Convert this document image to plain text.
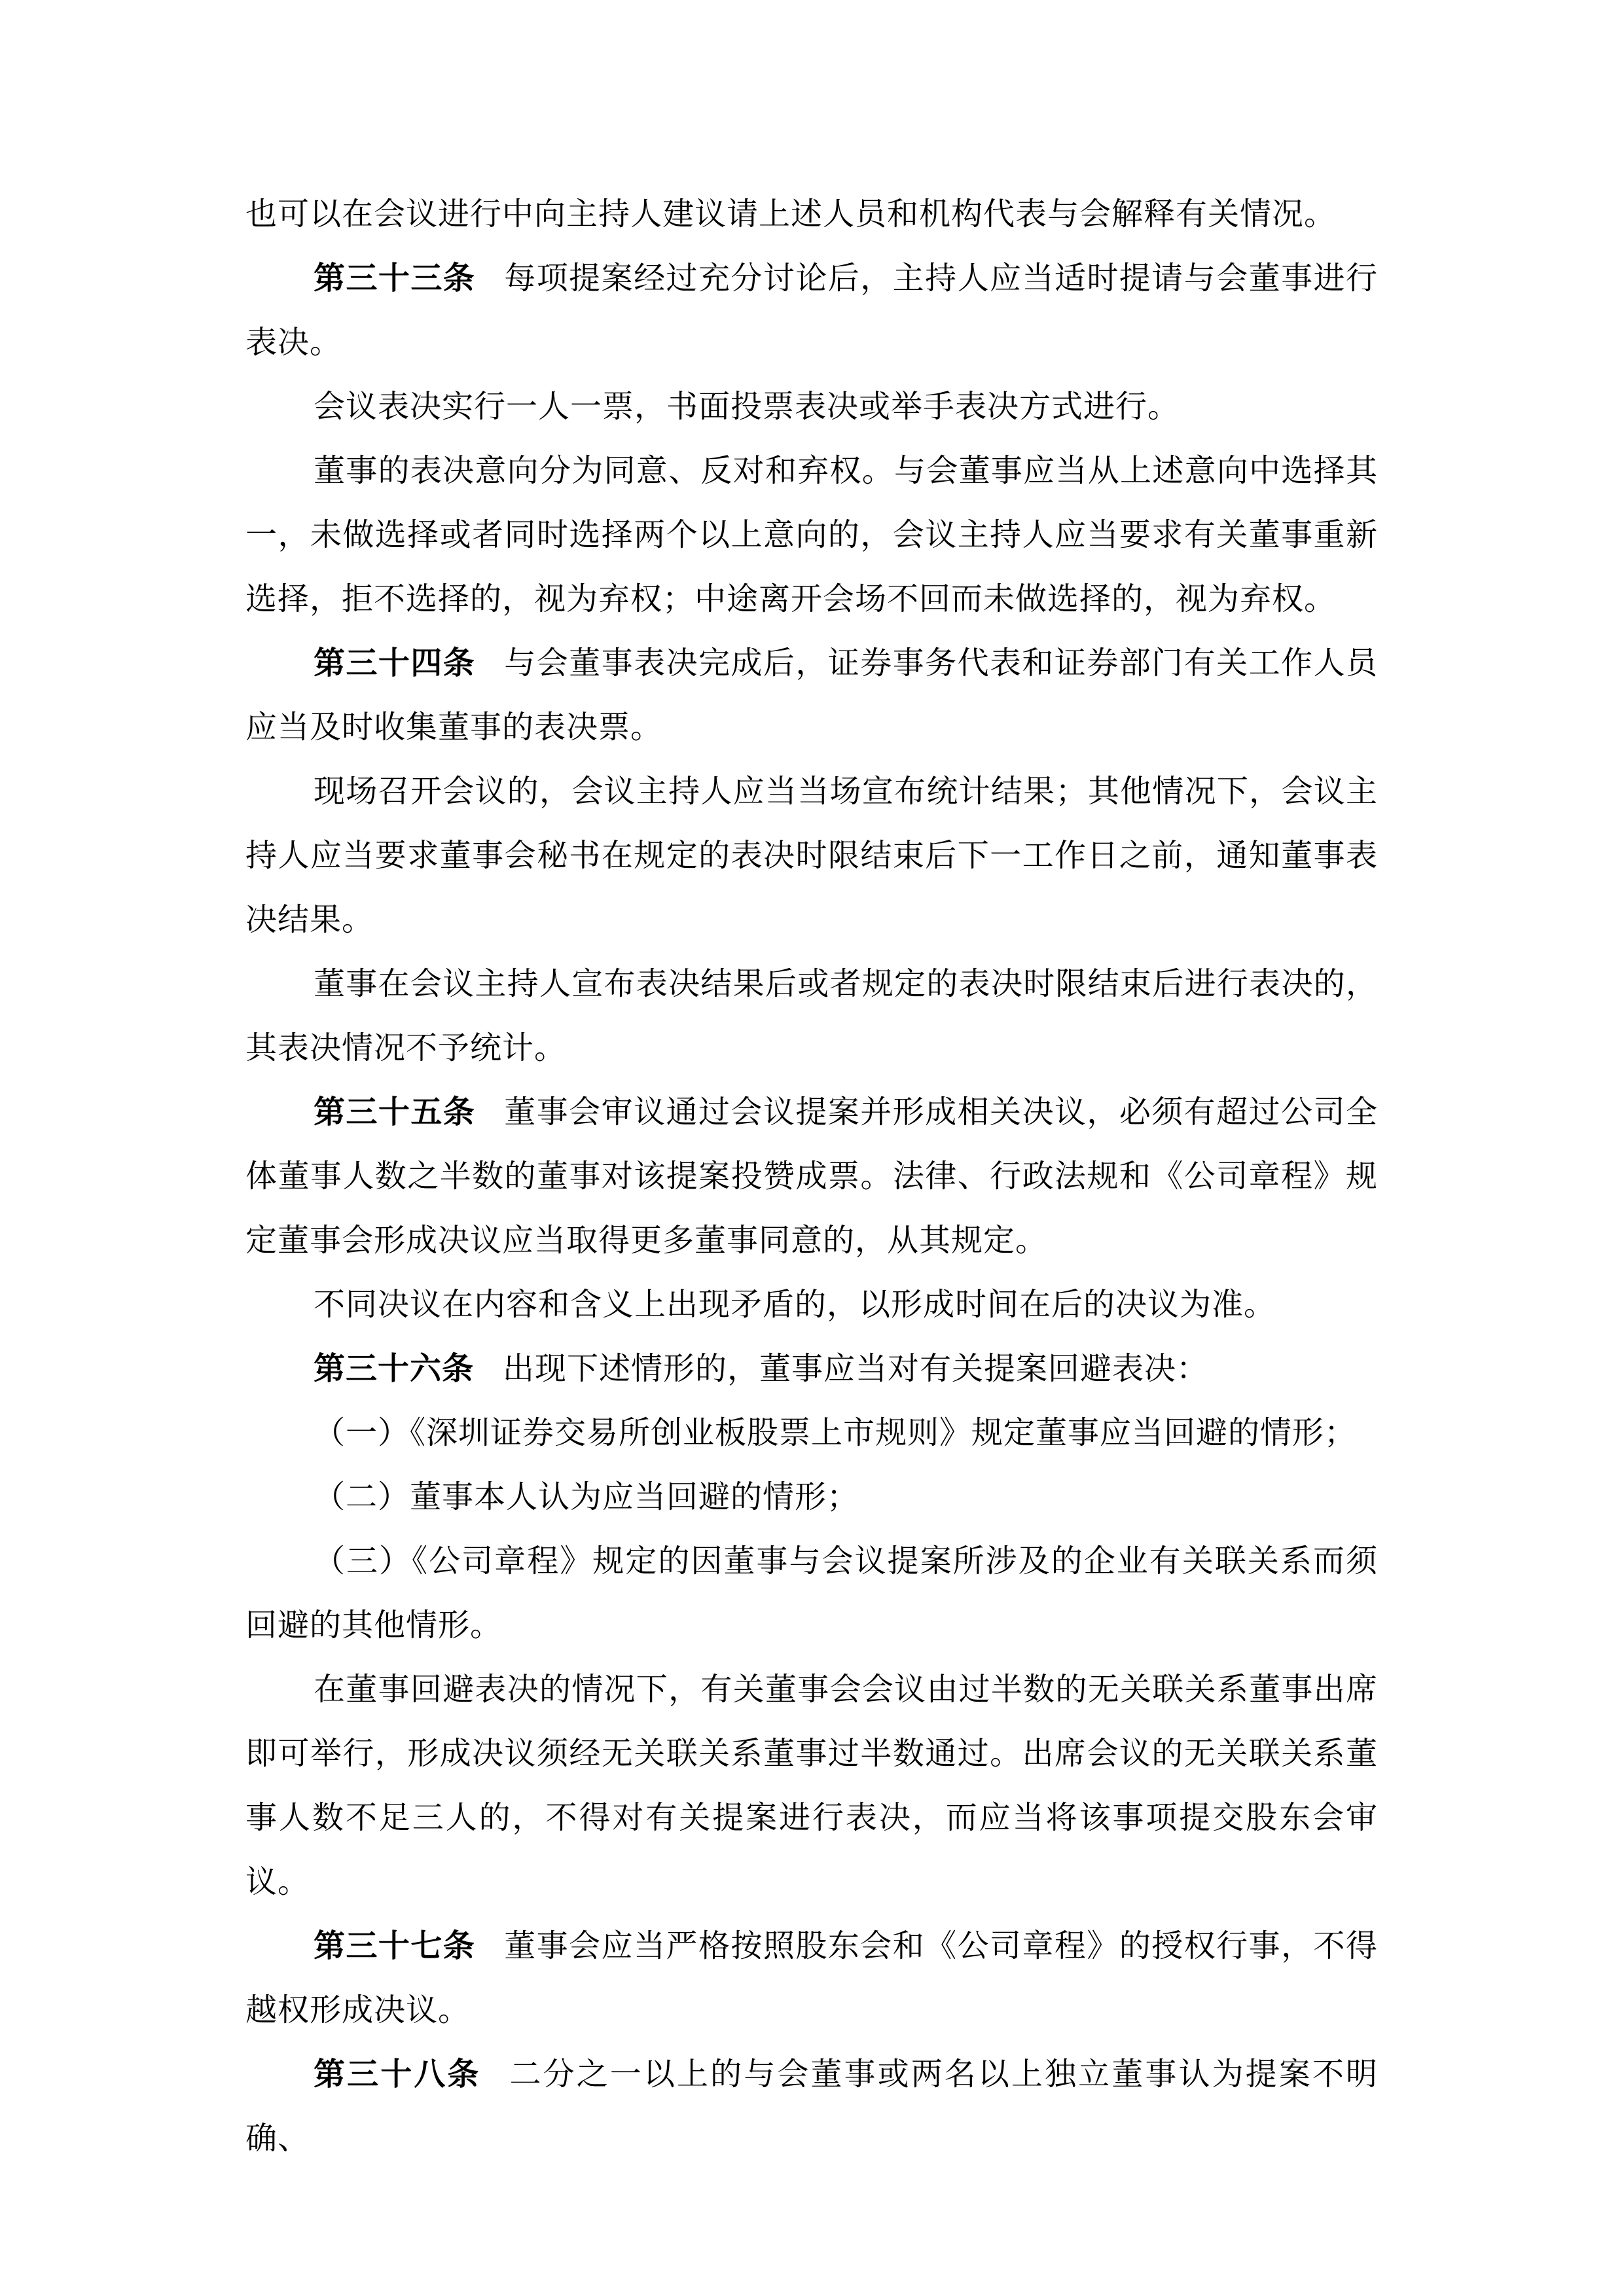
也可以在会议进行中向主持人建议请上述人员和机构代表与会解释有关情况。

第三十三条 每项提案经过充分讨论后，主持人应当适时提请与会董事进行表决。

会议表决实行一人一票，书面投票表决或举手表决方式进行。

董事的表决意向分为同意、反对和弃权。与会董事应当从上述意向中选择其一，未做选择或者同时选择两个以上意向的，会议主持人应当要求有关董事重新选择，拒不选择的，视为弃权；中途离开会场不回而未做选择的，视为弃权。

第三十四条 与会董事表决完成后，证券事务代表和证券部门有关工作人员应当及时收集董事的表决票。

现场召开会议的，会议主持人应当当场宣布统计结果；其他情况下，会议主持人应当要求董事会秘书在规定的表决时限结束后下一工作日之前，通知董事表决结果。

董事在会议主持人宣布表决结果后或者规定的表决时限结束后进行表决的，其表决情况不予统计。

第三十五条 董事会审议通过会议提案并形成相关决议，必须有超过公司全体董事人数之半数的董事对该提案投赞成票。法律、行政法规和《公司章程》规定董事会形成决议应当取得更多董事同意的，从其规定。

不同决议在内容和含义上出现矛盾的，以形成时间在后的决议为准。

第三十六条 出现下述情形的，董事应当对有关提案回避表决：

（一）《深圳证券交易所创业板股票上市规则》规定董事应当回避的情形；

（二）董事本人认为应当回避的情形；

（三）《公司章程》规定的因董事与会议提案所涉及的企业有关联关系而须回避的其他情形。

在董事回避表决的情况下，有关董事会会议由过半数的无关联关系董事出席即可举行，形成决议须经无关联关系董事过半数通过。出席会议的无关联关系董事人数不足三人的，不得对有关提案进行表决，而应当将该事项提交股东会审议。

第三十七条 董事会应当严格按照股东会和《公司章程》的授权行事，不得越权形成决议。

第三十八条 二分之一以上的与会董事或两名以上独立董事认为提案不明确、
